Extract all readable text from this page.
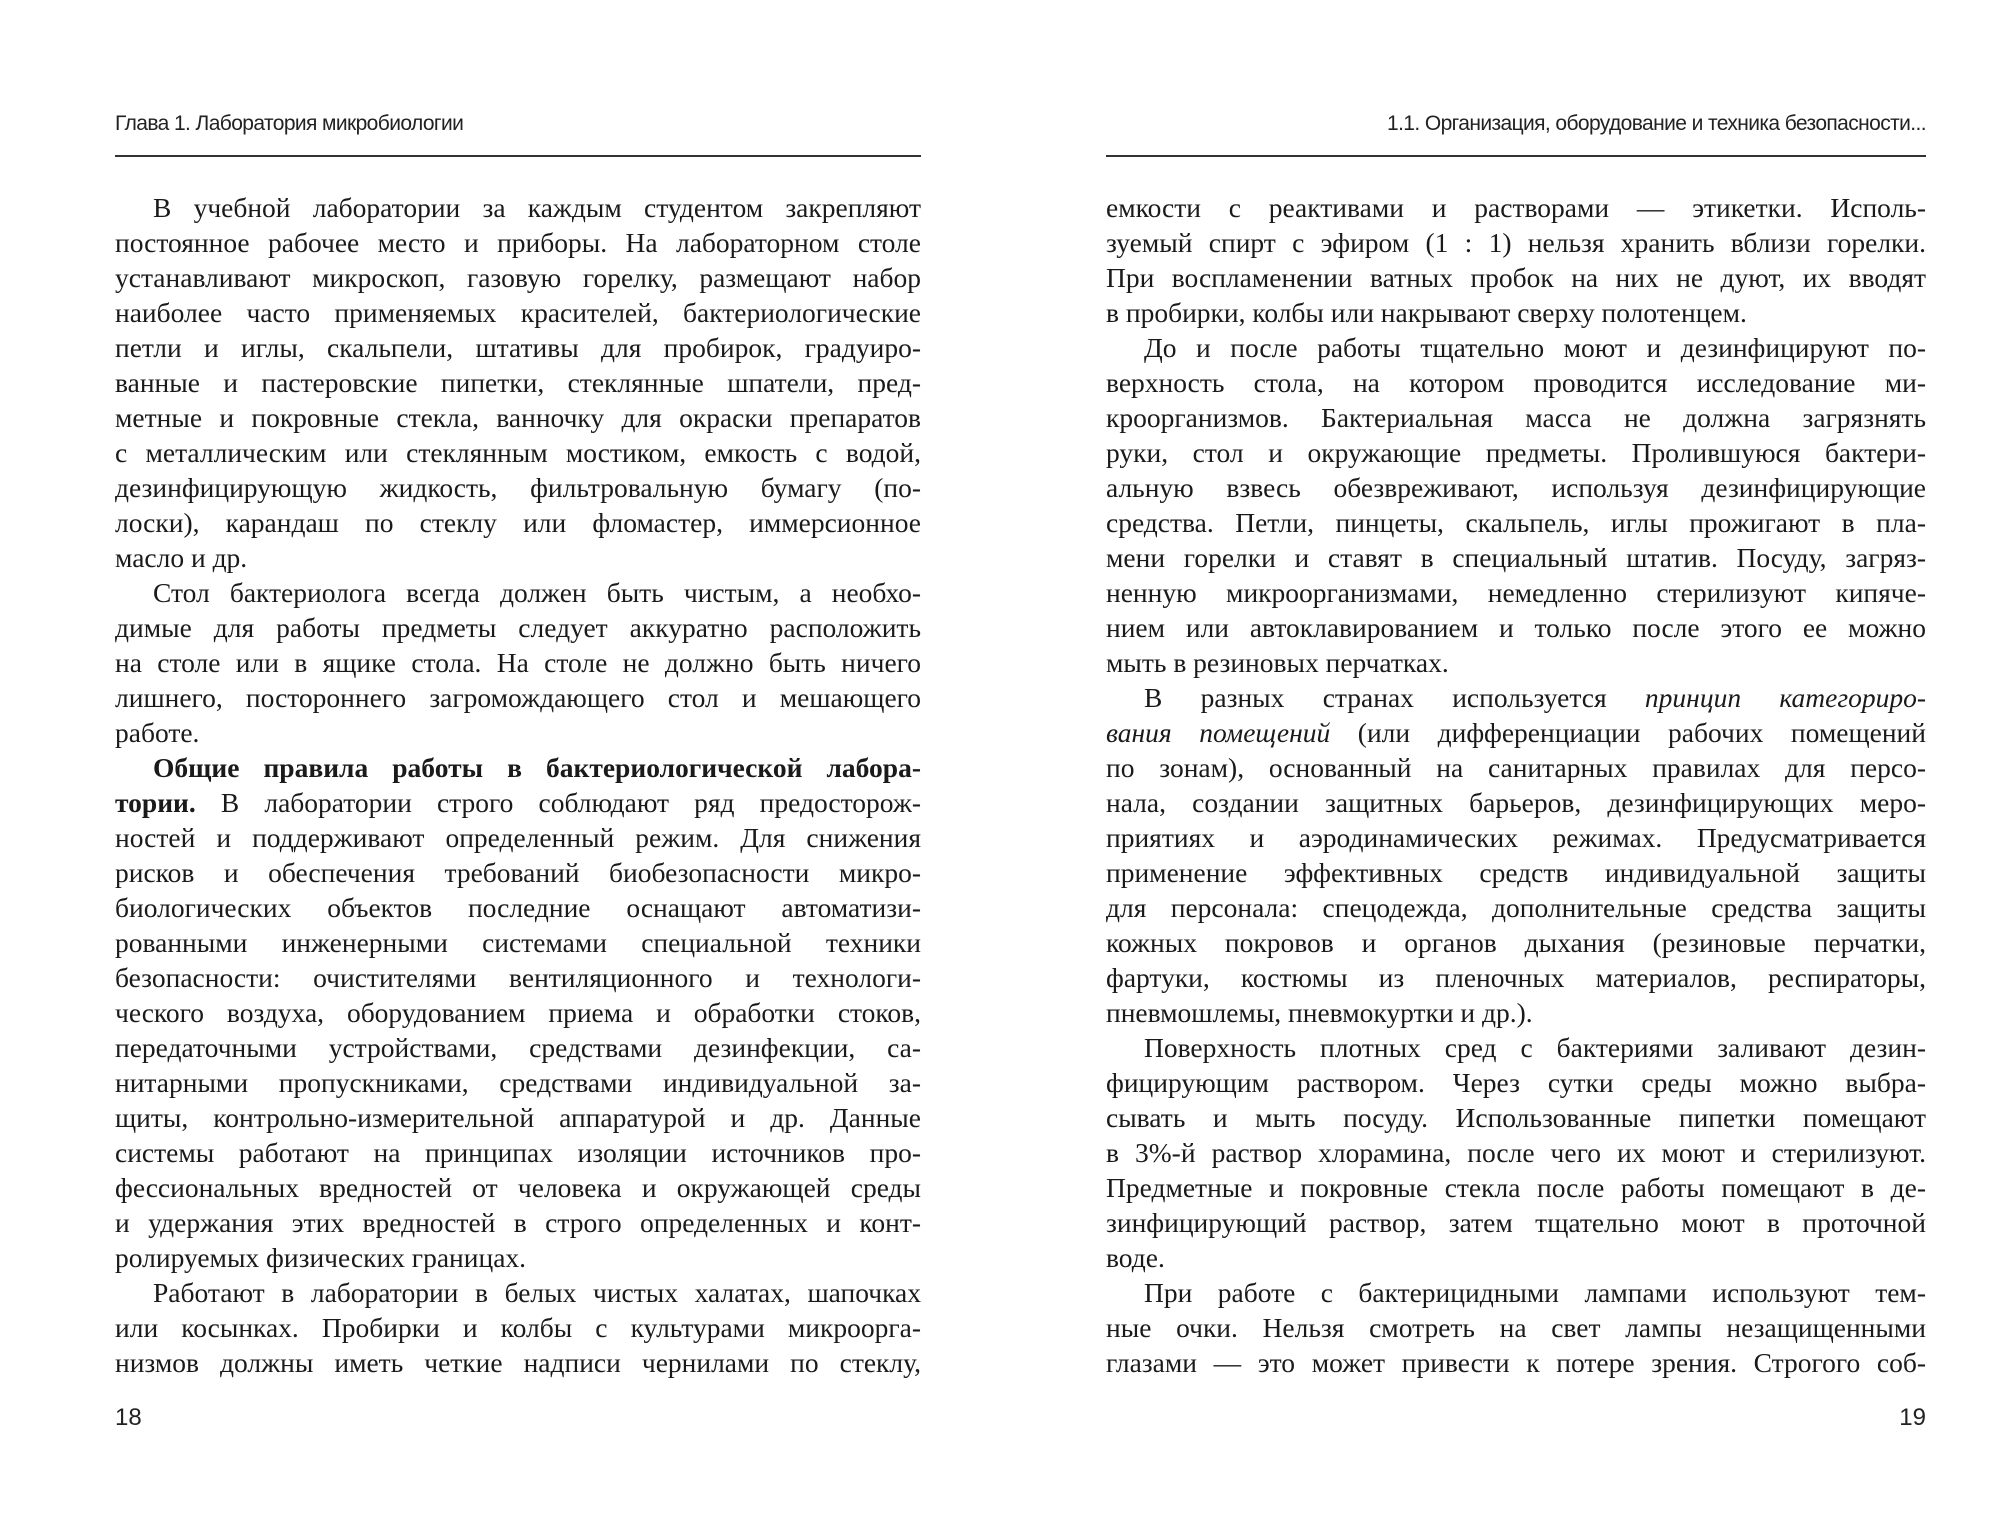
Глава 1. Лаборатория микробиологии
В учебной лаборатории за каждым студентом закрепляют
постоянное рабочее место и приборы. На лабораторном столе
устанавливают микроскоп, газовую горелку, размещают набор
наиболее часто применяемых красителей, бактериологические
петли и иглы, скальпели, штативы для пробирок, градуиро-
ванные и пастеровские пипетки, стеклянные шпатели, пред-
метные и покровные стекла, ванночку для окраски препаратов
с металлическим или стеклянным мостиком, емкость с водой,
дезинфицирующую жидкость, фильтровальную бумагу (по-
лоски), карандаш по стеклу или фломастер, иммерсионное
масло и др.
Стол бактериолога всегда должен быть чистым, а необхо-
димые для работы предметы следует аккуратно расположить
на столе или в ящике стола. На столе не должно быть ничего
лишнего, постороннего загромождающего стол и мешающего
работе.
Общие правила работы в бактериологической лабора-
тории. В лаборатории строго соблюдают ряд предосторож-
ностей и поддерживают определенный режим. Для снижения
рисков и обеспечения требований биобезопасности микро-
биологических объектов последние оснащают автоматизи-
рованными инженерными системами специальной техники
безопасности: очистителями вентиляционного и технологи-
ческого воздуха, оборудованием приема и обработки стоков,
передаточными устройствами, средствами дезинфекции, са-
нитарными пропускниками, средствами индивидуальной за-
щиты, контрольно-измерительной аппаратурой и др. Данные
системы работают на принципах изоляции источников про-
фессиональных вредностей от человека и окружающей среды
и удержания этих вредностей в строго определенных и конт-
ролируемых физических границах.
Работают в лаборатории в белых чистых халатах, шапочках
или косынках. Пробирки и колбы с культурами микроорга-
низмов должны иметь четкие надписи чернилами по стеклу,
18
1.1. Организация, оборудование и техника безопасности...
емкости с реактивами и растворами — этикетки. Исполь-
зуемый спирт с эфиром (1 : 1) нельзя хранить вблизи горелки.
При воспламенении ватных пробок на них не дуют, их вводят
в пробирки, колбы или накрывают сверху полотенцем.
До и после работы тщательно моют и дезинфицируют по-
верхность стола, на котором проводится исследование ми-
кроорганизмов. Бактериальная масса не должна загрязнять
руки, стол и окружающие предметы. Пролившуюся бактери-
альную взвесь обезвреживают, используя дезинфицирующие
средства. Петли, пинцеты, скальпель, иглы прожигают в пла-
мени горелки и ставят в специальный штатив. Посуду, загряз-
ненную микроорганизмами, немедленно стерилизуют кипяче-
нием или автоклавированием и только после этого ее можно
мыть в резиновых перчатках.
В разных странах используется принцип категориро-
вания помещений (или дифференциации рабочих помещений
по зонам), основанный на санитарных правилах для персо-
нала, создании защитных барьеров, дезинфицирующих меро-
приятиях и аэродинамических режимах. Предусматривается
применение эффективных средств индивидуальной защиты
для персонала: спецодежда, дополнительные средства защиты
кожных покровов и органов дыхания (резиновые перчатки,
фартуки, костюмы из пленочных материалов, респираторы,
пневмошлемы, пневмокуртки и др.).
Поверхность плотных сред с бактериями заливают дезин-
фицирующим раствором. Через сутки среды можно выбра-
сывать и мыть посуду. Использованные пипетки помещают
в 3%-й раствор хлорамина, после чего их моют и стерилизуют.
Предметные и покровные стекла после работы помещают в де-
зинфицирующий раствор, затем тщательно моют в проточной
воде.
При работе с бактерицидными лампами используют тем-
ные очки. Нельзя смотреть на свет лампы незащищенными
глазами — это может привести к потере зрения. Строгого соб-
19
